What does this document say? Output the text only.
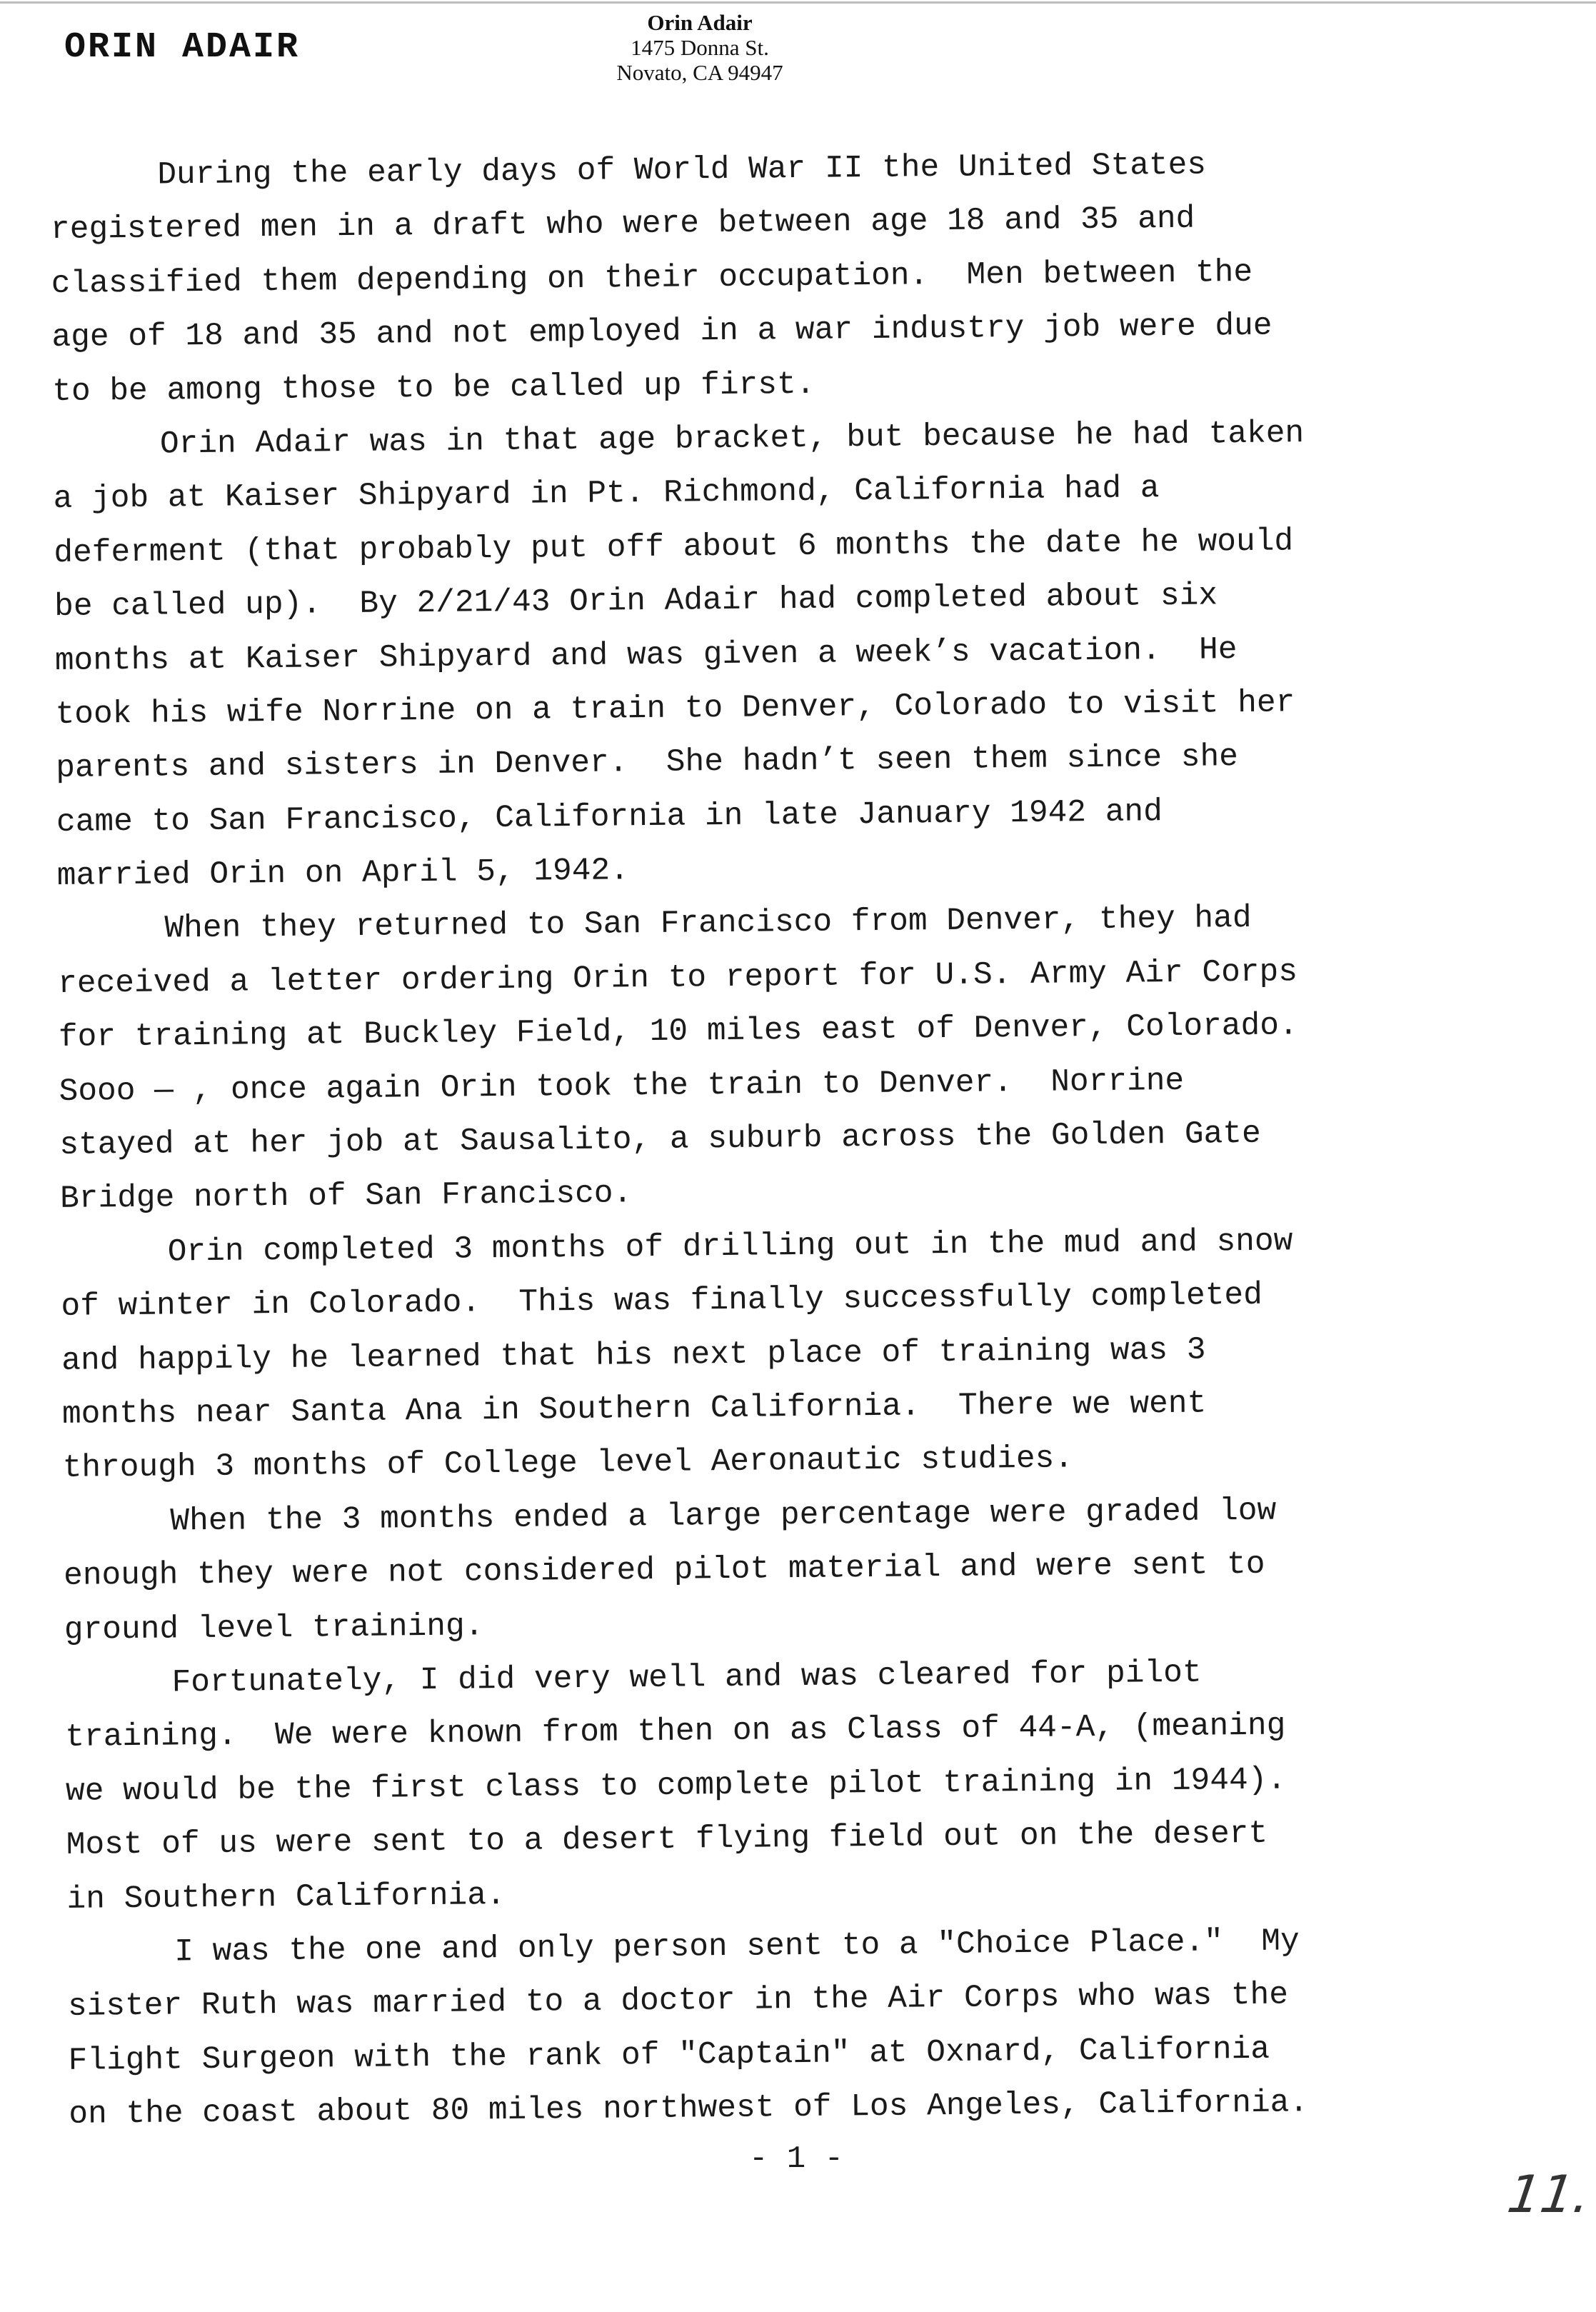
ORIN ADAIR
Orin Adair
1475 Donna St.
Novato, CA 94947
During the early days of World War II the United States
registered men in a draft who were between age 18 and 35 and
classified them depending on their occupation.  Men between the
age of 18 and 35 and not employed in a war industry job were due
to be among those to be called up first.
Orin Adair was in that age bracket, but because he had taken
a job at Kaiser Shipyard in Pt. Richmond, California had a
deferment (that probably put off about 6 months the date he would
be called up).  By 2/21/43 Orin Adair had completed about six
months at Kaiser Shipyard and was given a week’s vacation.  He
took his wife Norrine on a train to Denver, Colorado to visit her
parents and sisters in Denver.  She hadn’t seen them since she
came to San Francisco, California in late January 1942 and
married Orin on April 5, 1942.
When they returned to San Francisco from Denver, they had
received a letter ordering Orin to report for U.S. Army Air Corps
for training at Buckley Field, 10 miles east of Denver, Colorado.
Sooo — , once again Orin took the train to Denver.  Norrine
stayed at her job at Sausalito, a suburb across the Golden Gate
Bridge north of San Francisco.
Orin completed 3 months of drilling out in the mud and snow
of winter in Colorado.  This was finally successfully completed
and happily he learned that his next place of training was 3
months near Santa Ana in Southern California.  There we went
through 3 months of College level Aeronautic studies.
When the 3 months ended a large percentage were graded low
enough they were not considered pilot material and were sent to
ground level training.
Fortunately, I did very well and was cleared for pilot
training.  We were known from then on as Class of 44-A, (meaning
we would be the first class to complete pilot training in 1944).
Most of us were sent to a desert flying field out on the desert
in Southern California.
I was the one and only person sent to a "Choice Place."  My
sister Ruth was married to a doctor in the Air Corps who was the
Flight Surgeon with the rank of "Captain" at Oxnard, California
on the coast about 80 miles northwest of Los Angeles, California.
- 1 -
11.
